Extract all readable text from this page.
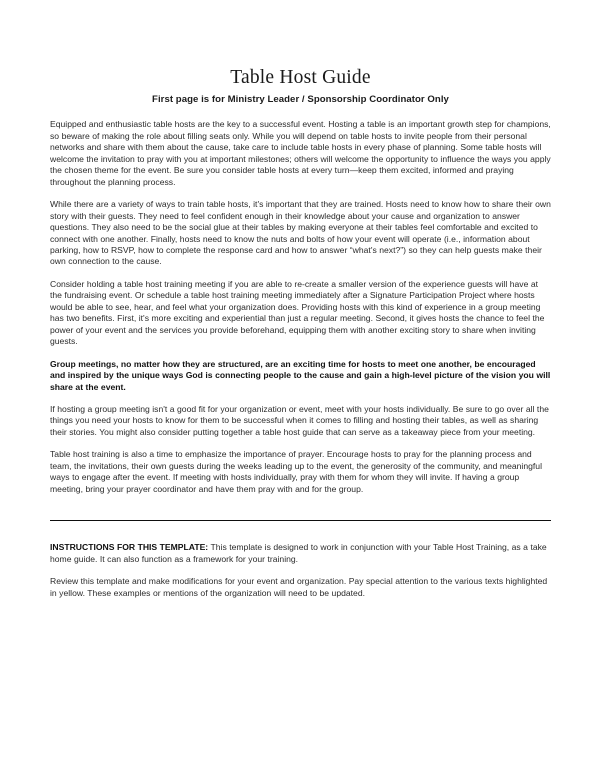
Table Host Guide
First page is for Ministry Leader / Sponsorship Coordinator Only

Equipped and enthusiastic table hosts are the key to a successful event. Hosting a table is an important growth step for champions, so beware of making the role about filling seats only. While you will depend on table hosts to invite people from their personal networks and share with them about the cause, take care to include table hosts in every phase of planning. Some table hosts will welcome the invitation to pray with you at important milestones; others will welcome the opportunity to influence the ways you apply the chosen theme for the event. Be sure you consider table hosts at every turn—keep them excited, informed and praying throughout the planning process.

While there are a variety of ways to train table hosts, it's important that they are trained. Hosts need to know how to share their own story with their guests. They need to feel confident enough in their knowledge about your cause and organization to answer questions. They also need to be the social glue at their tables by making everyone at their tables feel comfortable and excited to connect with one another. Finally, hosts need to know the nuts and bolts of how your event will operate (i.e., information about parking, how to RSVP, how to complete the response card and how to answer “what's next?”) so they can help guests make their own connection to the cause.

Consider holding a table host training meeting if you are able to re-create a smaller version of the experience guests will have at the fundraising event. Or schedule a table host training meeting immediately after a Signature Participation Project where hosts would be able to see, hear, and feel what your organization does. Providing hosts with this kind of experience in a group meeting has two benefits. First, it's more exciting and experiential than just a regular meeting. Second, it gives hosts the chance to feel the power of your event and the services you provide beforehand, equipping them with another exciting story to share when inviting guests.

Group meetings, no matter how they are structured, are an exciting time for hosts to meet one another, be encouraged and inspired by the unique ways God is connecting people to the cause and gain a high-level picture of the vision you will share at the event.

If hosting a group meeting isn't a good fit for your organization or event, meet with your hosts individually. Be sure to go over all the things you need your hosts to know for them to be successful when it comes to filling and hosting their tables, as well as sharing their stories. You might also consider putting together a table host guide that can serve as a takeaway piece from your meeting.

Table host training is also a time to emphasize the importance of prayer. Encourage hosts to pray for the planning process and team, the invitations, their own guests during the weeks leading up to the event, the generosity of the community, and meaningful ways to engage after the event. If meeting with hosts individually, pray with them for whom they will invite. If having a group meeting, bring your prayer coordinator and have them pray with and for the group.

INSTRUCTIONS FOR THIS TEMPLATE: This template is designed to work in conjunction with your Table Host Training, as a take home guide. It can also function as a framework for your training.

Review this template and make modifications for your event and organization. Pay special attention to the various texts highlighted in yellow. These examples or mentions of the organization will need to be updated.
